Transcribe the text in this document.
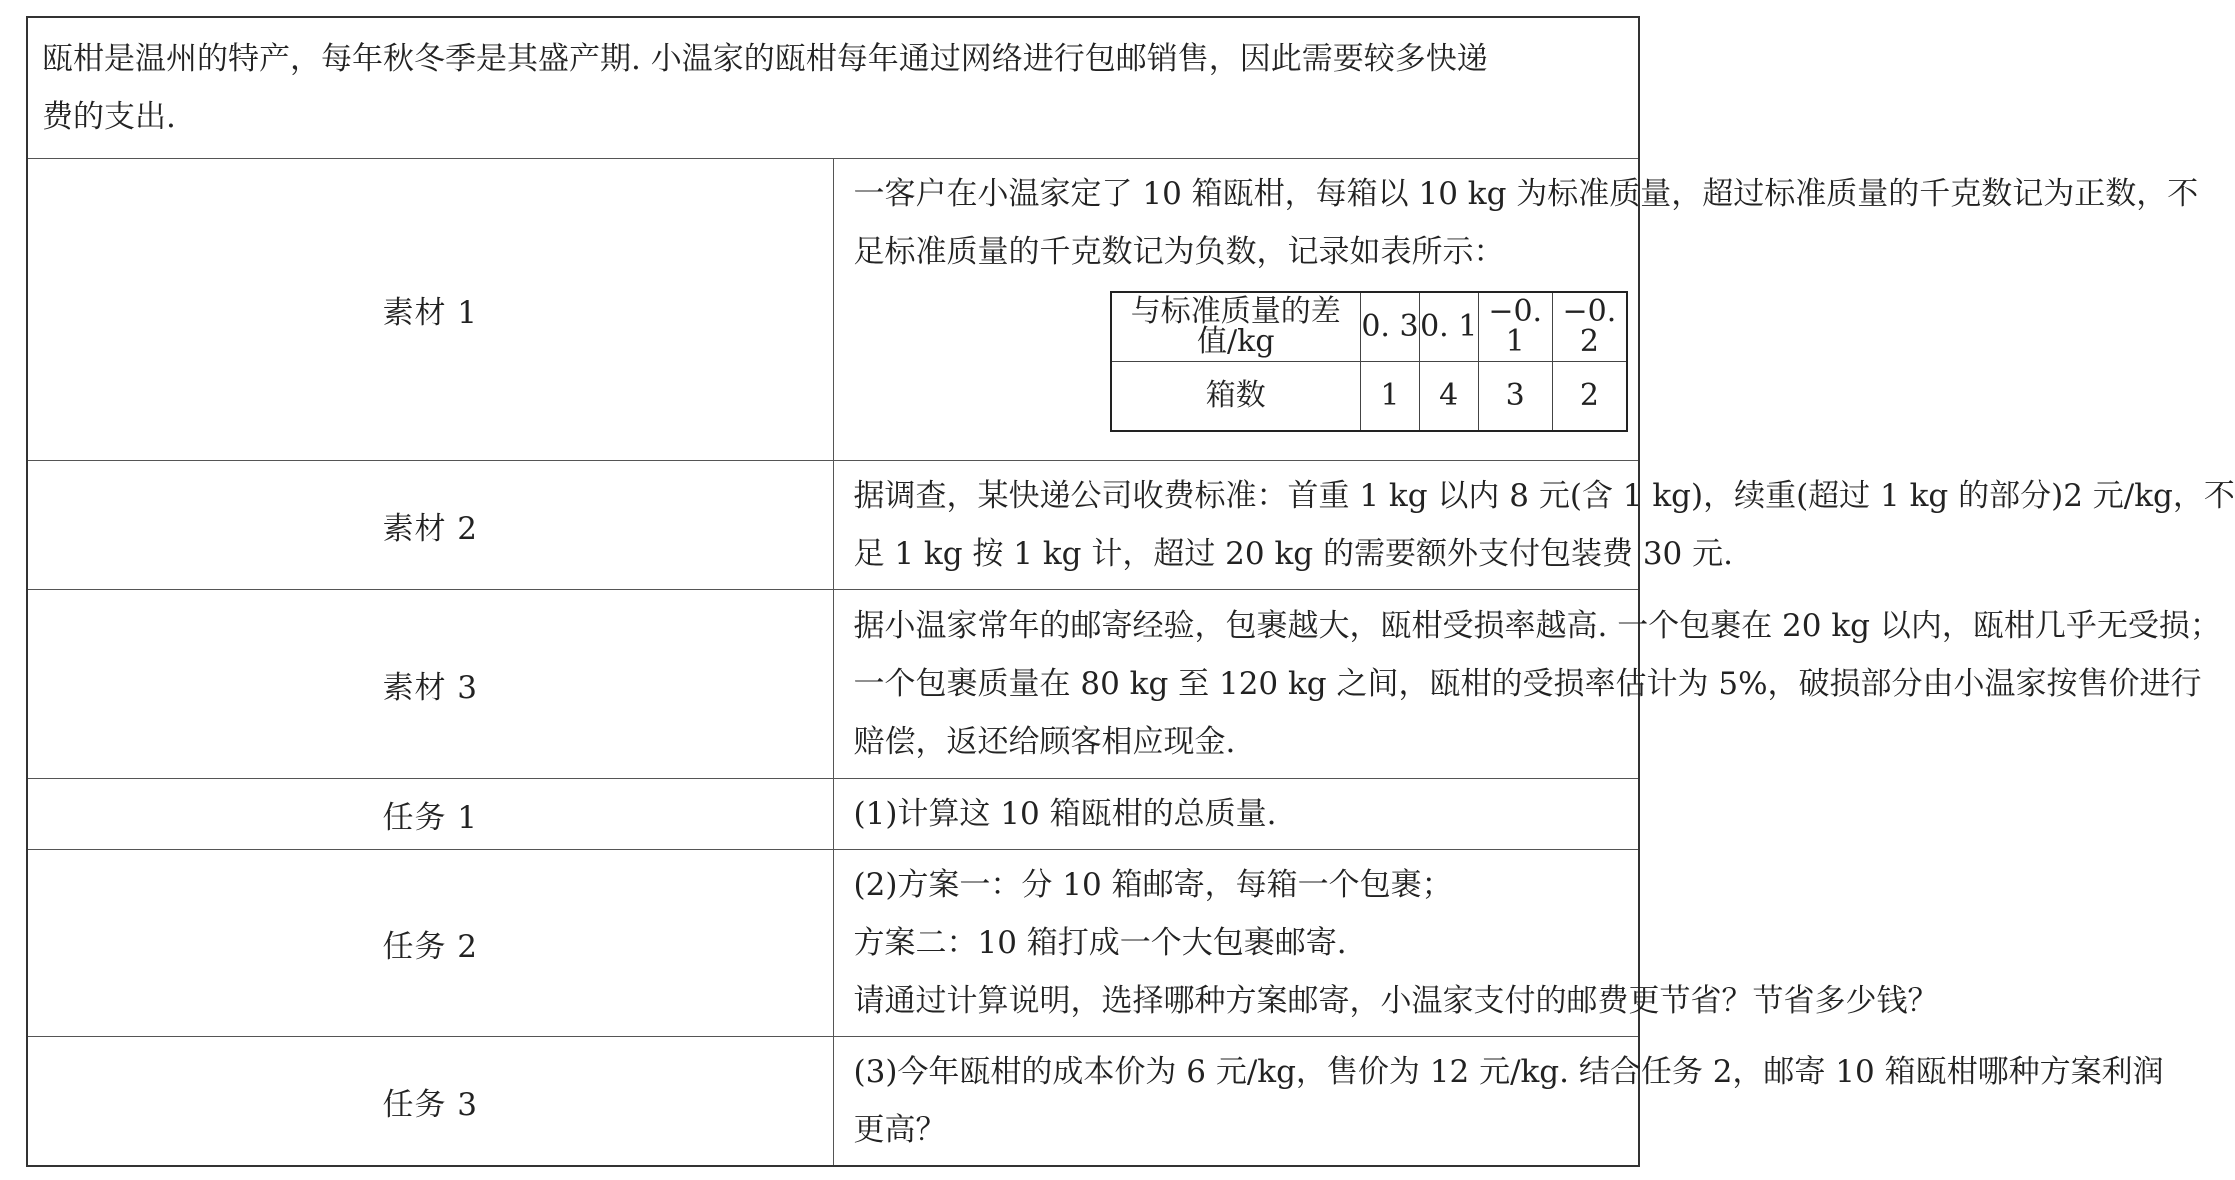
瓯柑是温州的特产，每年秋冬季是其盛产期. 小温家的瓯柑每年通过网络进行包邮销售，因此需要较多快递
费的支出.

素材 1	
一客户在小温家定了 10 箱瓯柑，每箱以 10 kg 为标准质量，超过标准质量的千克数记为正数，不
足标准质量的千克数记为负数，记录如表所示：
与标准质量的差值/kg	0. 3	0. 1	−0. 1	−0. 2
箱数	1	4	3	2

素材 2	
据调查，某快递公司收费标准：首重 1 kg 以内 8 元(含 1 kg)，续重(超过 1 kg 的部分)2 元/kg，不
足 1 kg 按 1 kg 计，超过 20 kg 的需要额外支付包装费 30 元.

素材 3	
据小温家常年的邮寄经验，包裹越大，瓯柑受损率越高. 一个包裹在 20 kg 以内，瓯柑几乎无受损；
一个包裹质量在 80 kg 至 120 kg 之间，瓯柑的受损率估计为 5%，破损部分由小温家按售价进行
赔偿，返还给顾客相应现金.

任务 1	(1)计算这 10 箱瓯柑的总质量.

任务 2	
(2)方案一：分 10 箱邮寄，每箱一个包裹；
方案二：10 箱打成一个大包裹邮寄.
请通过计算说明，选择哪种方案邮寄，小温家支付的邮费更节省？节省多少钱？

任务 3	
(3)今年瓯柑的成本价为 6 元/kg，售价为 12 元/kg. 结合任务 2，邮寄 10 箱瓯柑哪种方案利润
更高？
